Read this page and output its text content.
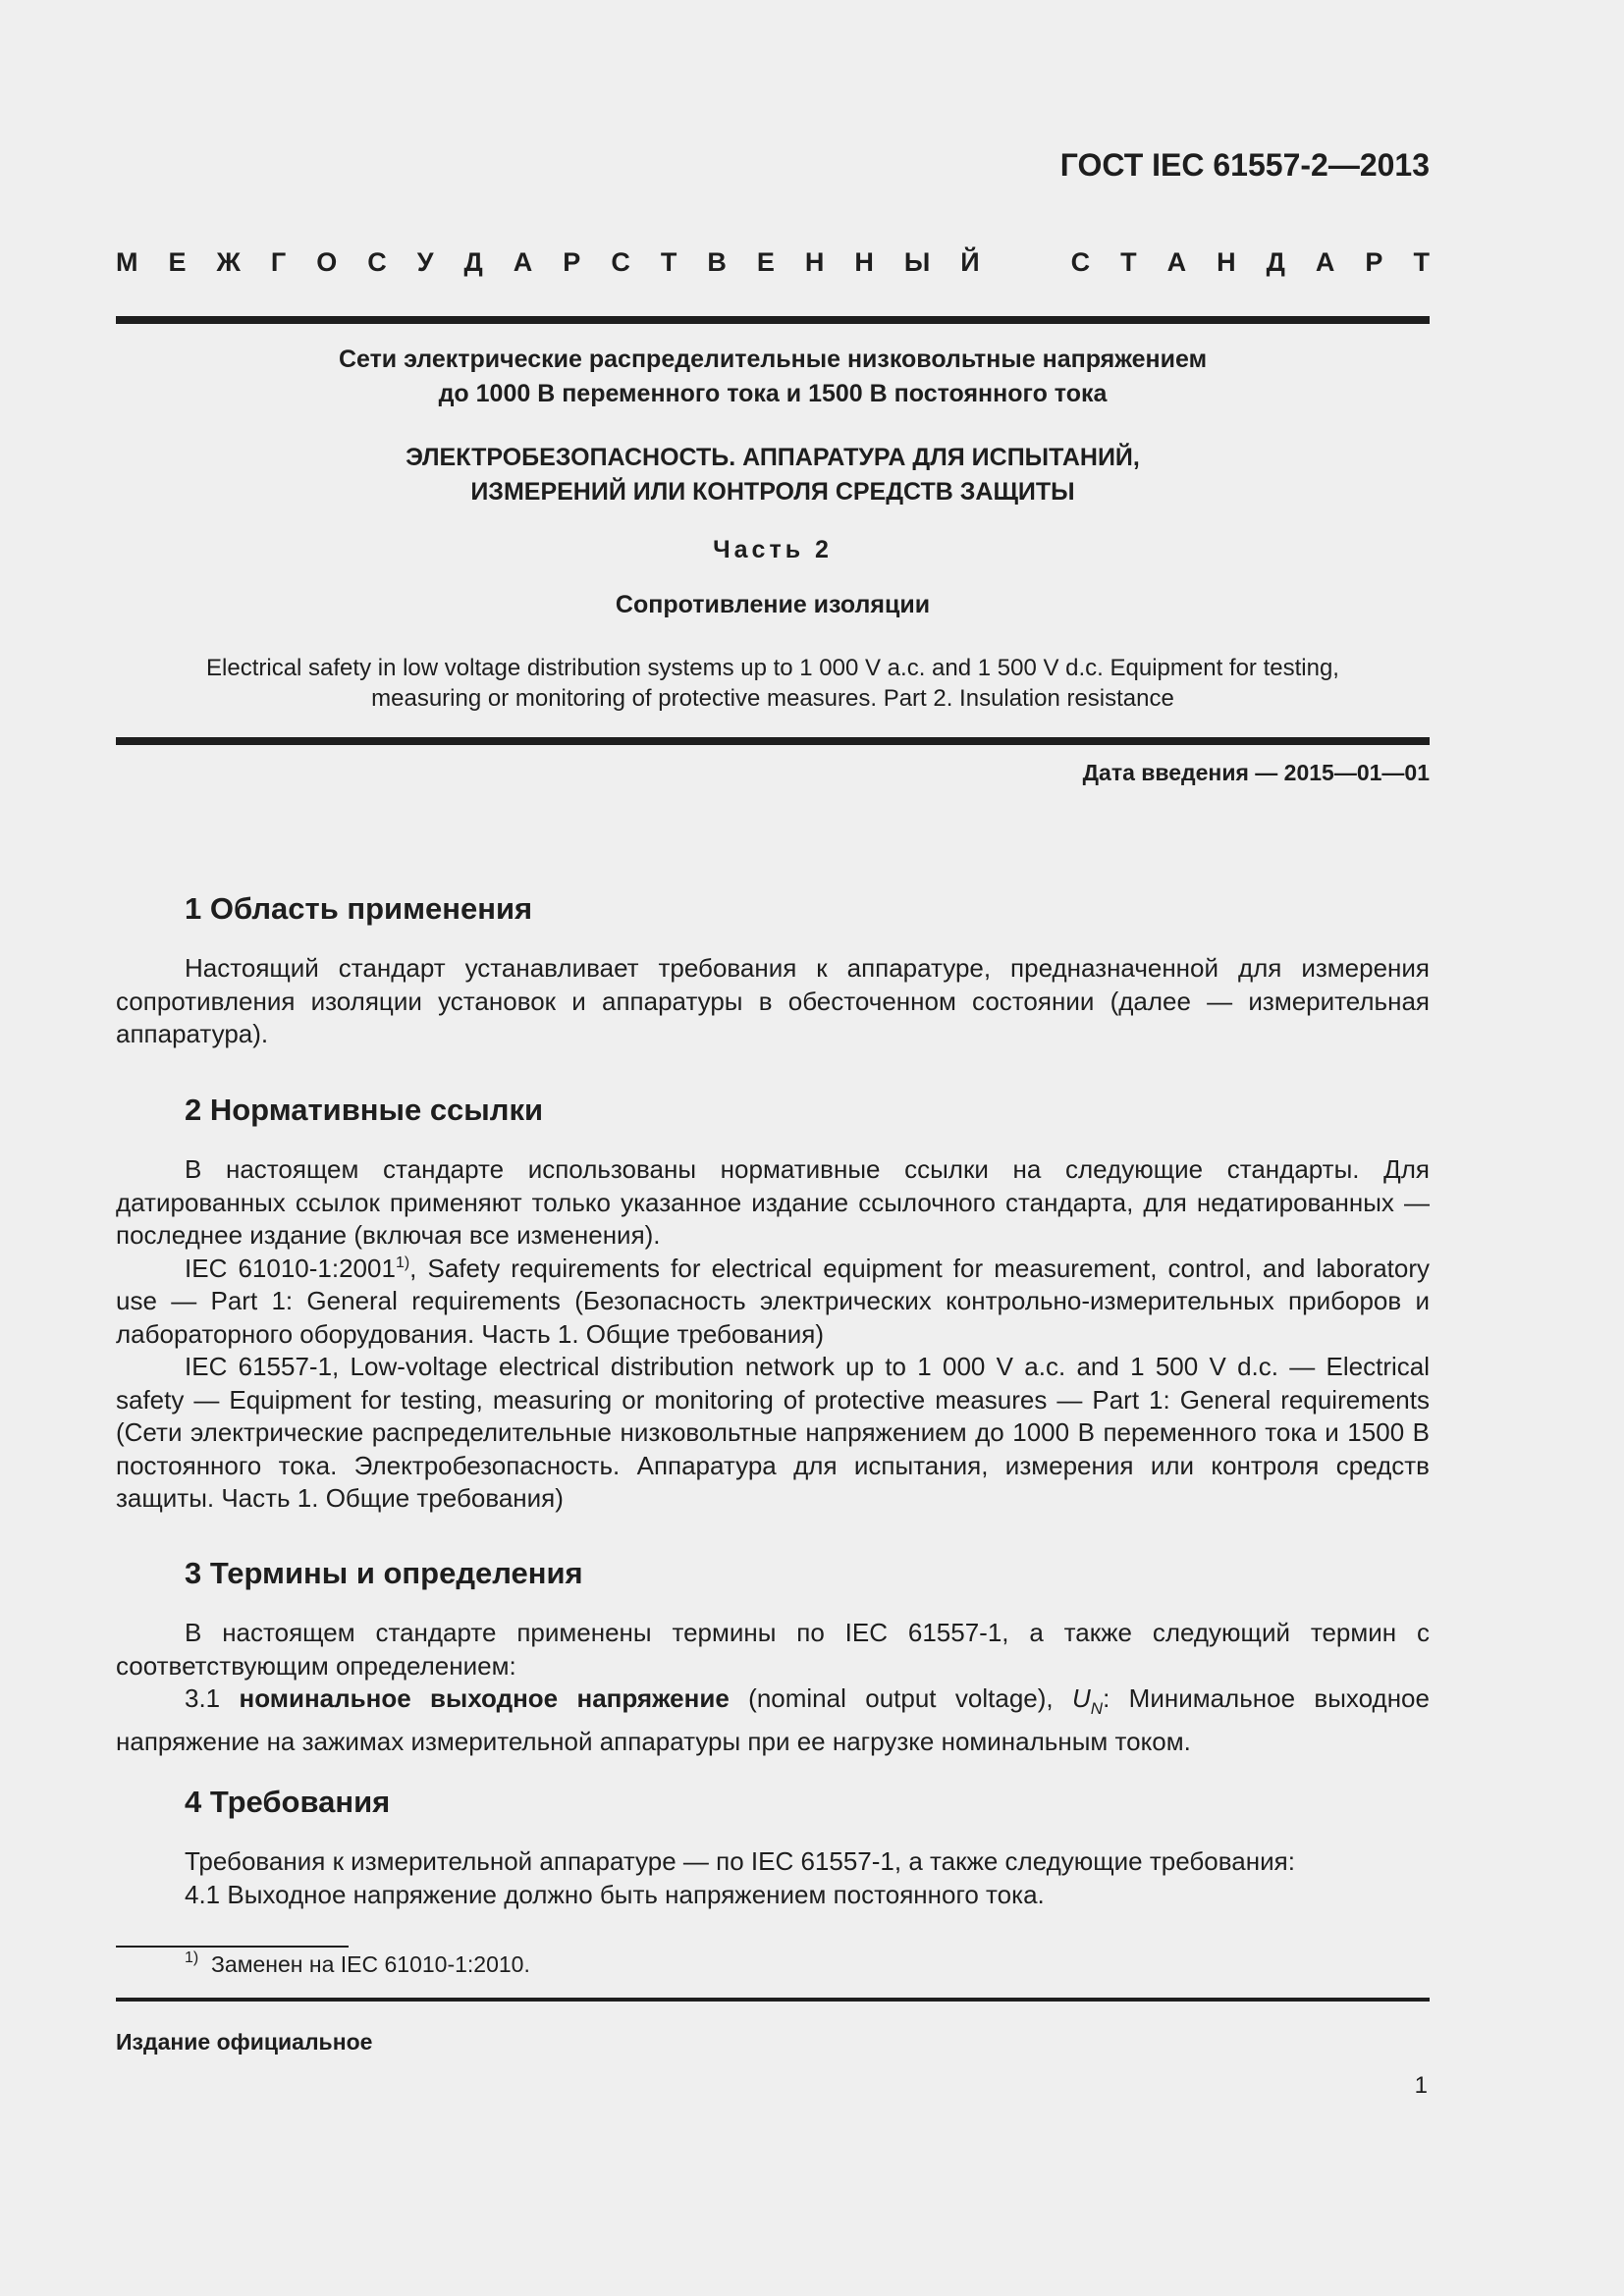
ГОСТ IEC 61557-2—2013
М Е Ж Г О С У Д А Р С Т В Е Н Н Ы Й	С Т А Н Д А Р Т
Сети электрические распределительные низковольтные напряжением
до 1000 В переменного тока и 1500 В постоянного тока
ЭЛЕКТРОБЕЗОПАСНОСТЬ. АППАРАТУРА ДЛЯ ИСПЫТАНИЙ,
ИЗМЕРЕНИЙ ИЛИ КОНТРОЛЯ СРЕДСТВ ЗАЩИТЫ
Часть 2
Сопротивление изоляции
Electrical safety in low voltage distribution systems up to 1 000 V a.c. and 1 500 V d.c. Equipment for testing,
measuring or monitoring of protective measures. Part 2. Insulation resistance
Дата введения — 2015—01—01
1 Область применения

Настоящий стандарт устанавливает требования к аппаратуре, предназначенной для измерения сопротивления изоляции установок и аппаратуры в обесточенном состоянии (далее — измерительная аппаратура).

2 Нормативные ссылки

В настоящем стандарте использованы нормативные ссылки на следующие стандарты. Для датированных ссылок применяют только указанное издание ссылочного стандарта, для недатированных — последнее издание (включая все изменения).

IEC 61010-1:2001$^{1)}$, Safety requirements for electrical equipment for measurement, control, and laboratory use — Part 1: General requirements (Безопасность электрических контрольно-измерительных приборов и лабораторного оборудования. Часть 1. Общие требования)

IEC 61557-1, Low-voltage electrical distribution network up to 1 000 V a.c. and 1 500 V d.c. — Electrical safety — Equipment for testing, measuring or monitoring of protective measures — Part 1: General requirements (Сети электрические распределительные низковольтные напряжением до 1000 В переменного тока и 1500 В постоянного тока. Электробезопасность. Аппаратура для испытания, измерения или контроля средств защиты. Часть 1. Общие требования)

3 Термины и определения

В настоящем стандарте применены термины по IEC 61557-1, а также следующий термин с соответствующим определением:

3.1 номинальное выходное напряжение (nominal output voltage), $U_N$: Минимальное выходное напряжение на зажимах измерительной аппаратуры при ее нагрузке номинальным током.

4 Требования

Требования к измерительной аппаратуре — по IEC 61557-1, а также следующие требования:

4.1 Выходное напряжение должно быть напряжением постоянного тока.

$^{1)}$ Заменен на IEC 61010-1:2010.
Издание официальное
1
